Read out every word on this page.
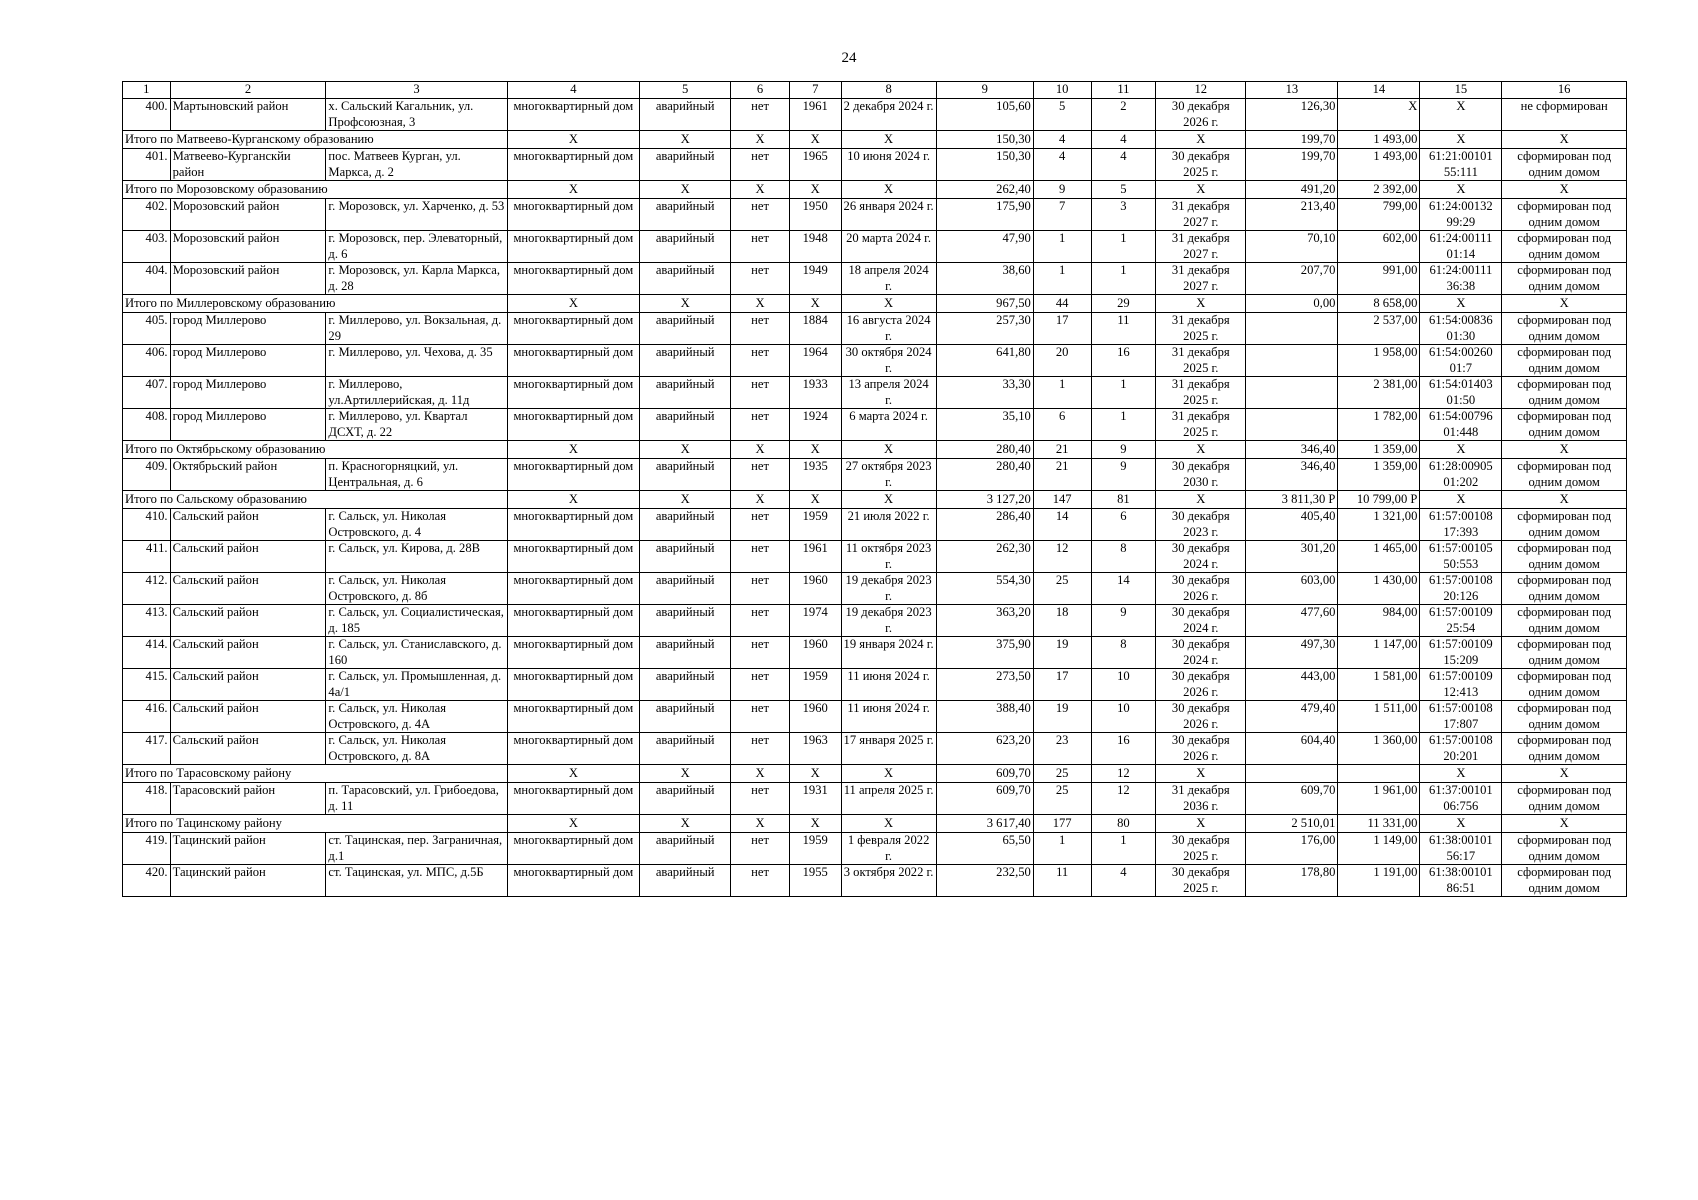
24
1	2	3	4	5	6	7	8	9	10	11	12	13	14	15	16
400.	Мартыновский район	х. Сальский Кагальник, ул. Профсоюзная, 3	многоквартирный дом	аварийный	нет	1961	2 декабря 2024 г.	105,60	5	2	30 декабря 2026 г.	126,30	Х	Х	не сформирован
Итого по Матвеево-Курганскому образованию			Х	Х	Х	Х	Х	150,30	4	4	Х	199,70	1 493,00	Х	Х
401.	Матвеево-Курганскйи район	пос. Матвеев Курган, ул. Маркса, д. 2	многоквартирный дом	аварийный	нет	1965	10 июня 2024 г.	150,30	4	4	30 декабря 2025 г.	199,70	1 493,00	61:21:00101 55:111	сформирован под одним домом
Итого по Морозовскому образованию			Х	Х	Х	Х	Х	262,40	9	5	Х	491,20	2 392,00	Х	Х
402.	Морозовский район	г. Морозовск, ул. Харченко, д. 53	многоквартирный дом	аварийный	нет	1950	26 января 2024 г.	175,90	7	3	31 декабря 2027 г.	213,40	799,00	61:24:00132 99:29	сформирован под одним домом
403.	Морозовский район	г. Морозовск, пер. Элеваторный, д. 6	многоквартирный дом	аварийный	нет	1948	20 марта 2024 г.	47,90	1	1	31 декабря 2027 г.	70,10	602,00	61:24:00111 01:14	сформирован под одним домом
404.	Морозовский район	г. Морозовск, ул. Карла Маркса, д. 28	многоквартирный дом	аварийный	нет	1949	18 апреля 2024 г.	38,60	1	1	31 декабря 2027 г.	207,70	991,00	61:24:00111 36:38	сформирован под одним домом
Итого по Миллеровскому образованию			Х	Х	Х	Х	Х	967,50	44	29	Х	0,00	8 658,00	Х	Х
405.	город Миллерово	г. Миллерово, ул. Вокзальная, д. 29	многоквартирный дом	аварийный	нет	1884	16 августа 2024 г.	257,30	17	11	31 декабря 2025 г.		2 537,00	61:54:00836 01:30	сформирован под одним домом
406.	город Миллерово	г. Миллерово, ул. Чехова, д. 35	многоквартирный дом	аварийный	нет	1964	30 октября 2024 г.	641,80	20	16	31 декабря 2025 г.		1 958,00	61:54:00260 01:7	сформирован под одним домом
407.	город Миллерово	г. Миллерово, ул.Артиллерийская, д. 11д	многоквартирный дом	аварийный	нет	1933	13 апреля 2024 г.	33,30	1	1	31 декабря 2025 г.		2 381,00	61:54:01403 01:50	сформирован под одним домом
408.	город Миллерово	г. Миллерово, ул. Квартал ДСХТ, д. 22	многоквартирный дом	аварийный	нет	1924	6 марта 2024 г.	35,10	6	1	31 декабря 2025 г.		1 782,00	61:54:00796 01:448	сформирован под одним домом
Итого по Октябрьскому образованию			Х	Х	Х	Х	Х	280,40	21	9	Х	346,40	1 359,00	Х	Х
409.	Октябрьский район	п. Красногорняцкий, ул. Центральная, д. 6	многоквартирный дом	аварийный	нет	1935	27 октября 2023 г.	280,40	21	9	30 декабря 2030 г.	346,40	1 359,00	61:28:00905 01:202	сформирован под одним домом
Итого по Сальскому образованию			Х	Х	Х	Х	Х	3 127,20	147	81	Х	3 811,30 Р	10 799,00 Р	Х	Х
410.	Сальский район	г. Сальск, ул. Николая Островского, д. 4	многоквартирный дом	аварийный	нет	1959	21 июля 2022 г.	286,40	14	6	30 декабря 2023 г.	405,40	1 321,00	61:57:00108 17:393	сформирован под одним домом
411.	Сальский район	г. Сальск, ул. Кирова, д. 28В	многоквартирный дом	аварийный	нет	1961	11 октября 2023 г.	262,30	12	8	30 декабря 2024 г.	301,20	1 465,00	61:57:00105 50:553	сформирован под одним домом
412.	Сальский район	г. Сальск, ул. Николая Островского, д. 8б	многоквартирный дом	аварийный	нет	1960	19 декабря 2023 г.	554,30	25	14	30 декабря 2026 г.	603,00	1 430,00	61:57:00108 20:126	сформирован под одним домом
413.	Сальский район	г. Сальск, ул. Социалистическая, д. 185	многоквартирный дом	аварийный	нет	1974	19 декабря 2023 г.	363,20	18	9	30 декабря 2024 г.	477,60	984,00	61:57:00109 25:54	сформирован под одним домом
414.	Сальский район	г. Сальск, ул. Станиславского, д. 160	многоквартирный дом	аварийный	нет	1960	19 января 2024 г.	375,90	19	8	30 декабря 2024 г.	497,30	1 147,00	61:57:00109 15:209	сформирован под одним домом
415.	Сальский район	г. Сальск, ул. Промышленная, д. 4а/1	многоквартирный дом	аварийный	нет	1959	11 июня 2024 г.	273,50	17	10	30 декабря 2026 г.	443,00	1 581,00	61:57:00109 12:413	сформирован под одним домом
416.	Сальский район	г. Сальск, ул. Николая Островского, д. 4А	многоквартирный дом	аварийный	нет	1960	11 июня 2024 г.	388,40	19	10	30 декабря 2026 г.	479,40	1 511,00	61:57:00108 17:807	сформирован под одним домом
417.	Сальский район	г. Сальск, ул. Николая Островского, д. 8А	многоквартирный дом	аварийный	нет	1963	17 января 2025 г.	623,20	23	16	30 декабря 2026 г.	604,40	1 360,00	61:57:00108 20:201	сформирован под одним домом
Итого по Тарасовскому району			Х	Х	Х	Х	Х	609,70	25	12	Х			Х	Х
418.	Тарасовский район	п. Тарасовский, ул. Грибоедова, д. 11	многоквартирный дом	аварийный	нет	1931	11 апреля 2025 г.	609,70	25	12	31 декабря 2036 г.	609,70	1 961,00	61:37:00101 06:756	сформирован под одним домом
Итого по Тацинскому району			Х	Х	Х	Х	Х	3 617,40	177	80	Х	2 510,01	11 331,00	Х	Х
419.	Тацинский район	ст. Тацинская, пер. Заграничная, д.1	многоквартирный дом	аварийный	нет	1959	1 февраля 2022 г.	65,50	1	1	30 декабря 2025 г.	176,00	1 149,00	61:38:00101 56:17	сформирован под одним домом
420.	Тацинский район	ст. Тацинская, ул. МПС, д.5Б	многоквартирный дом	аварийный	нет	1955	3 октября 2022 г.	232,50	11	4	30 декабря 2025 г.	178,80	1 191,00	61:38:00101 86:51	сформирован под одним домом
